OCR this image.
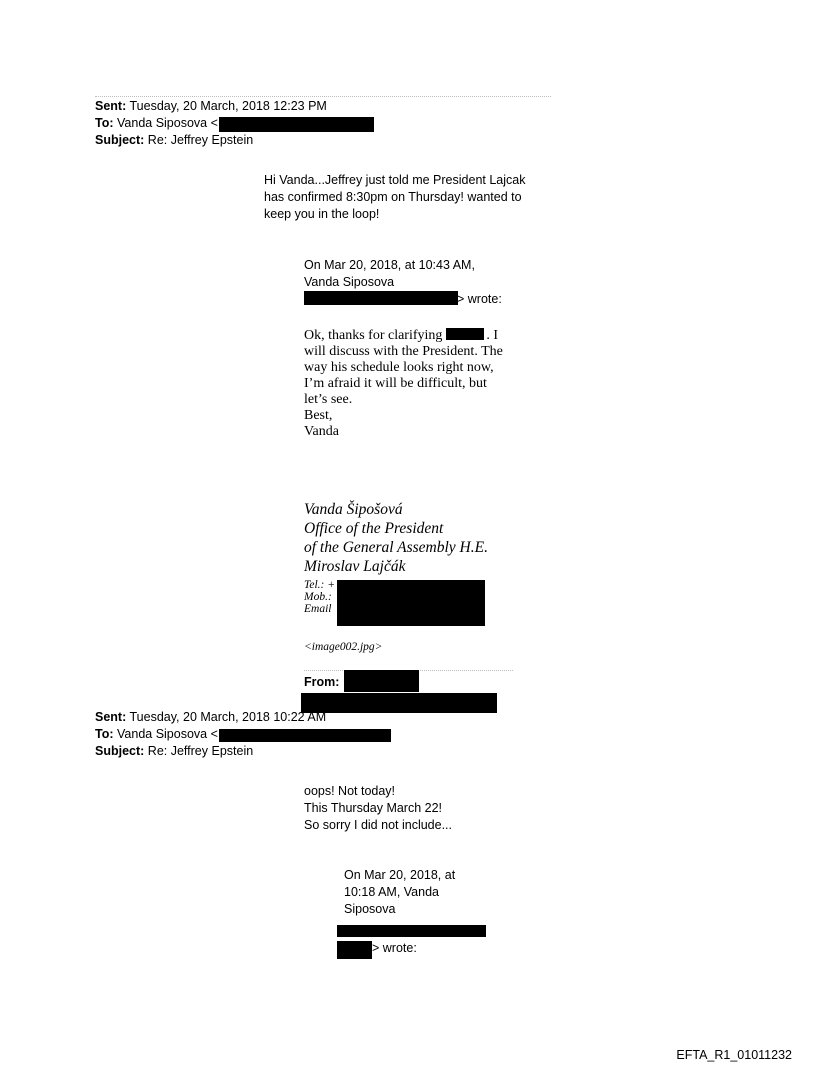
Sent: Tuesday, 20 March, 2018 12:23 PM
To: Vanda Siposova <
Subject: Re: Jeffrey Epstein
Hi Vanda...Jeffrey just told me President Lajcak
has confirmed 8:30pm on Thursday! wanted to
keep you in the loop!
On Mar 20, 2018, at 10:43 AM,
Vanda Siposova
> wrote:
Ok, thanks for clarifying	. I
will discuss with the President. The
way his schedule looks right now,
I’m afraid it will be difficult, but
let’s see.
Best,
Vanda
Vanda Šipošová
Office of the President
of the General Assembly H.E.
Miroslav Lajčák
Tel.: +
Mob.:
Email
<image002.jpg>
From:
Sent: Tuesday, 20 March, 2018 10:22 AM
To: Vanda Siposova <
Subject: Re: Jeffrey Epstein
oops! Not today!
This Thursday March 22!
So sorry I did not include...
On Mar 20, 2018, at
10:18 AM, Vanda
Siposova
> wrote:
EFTA_R1_01011232
